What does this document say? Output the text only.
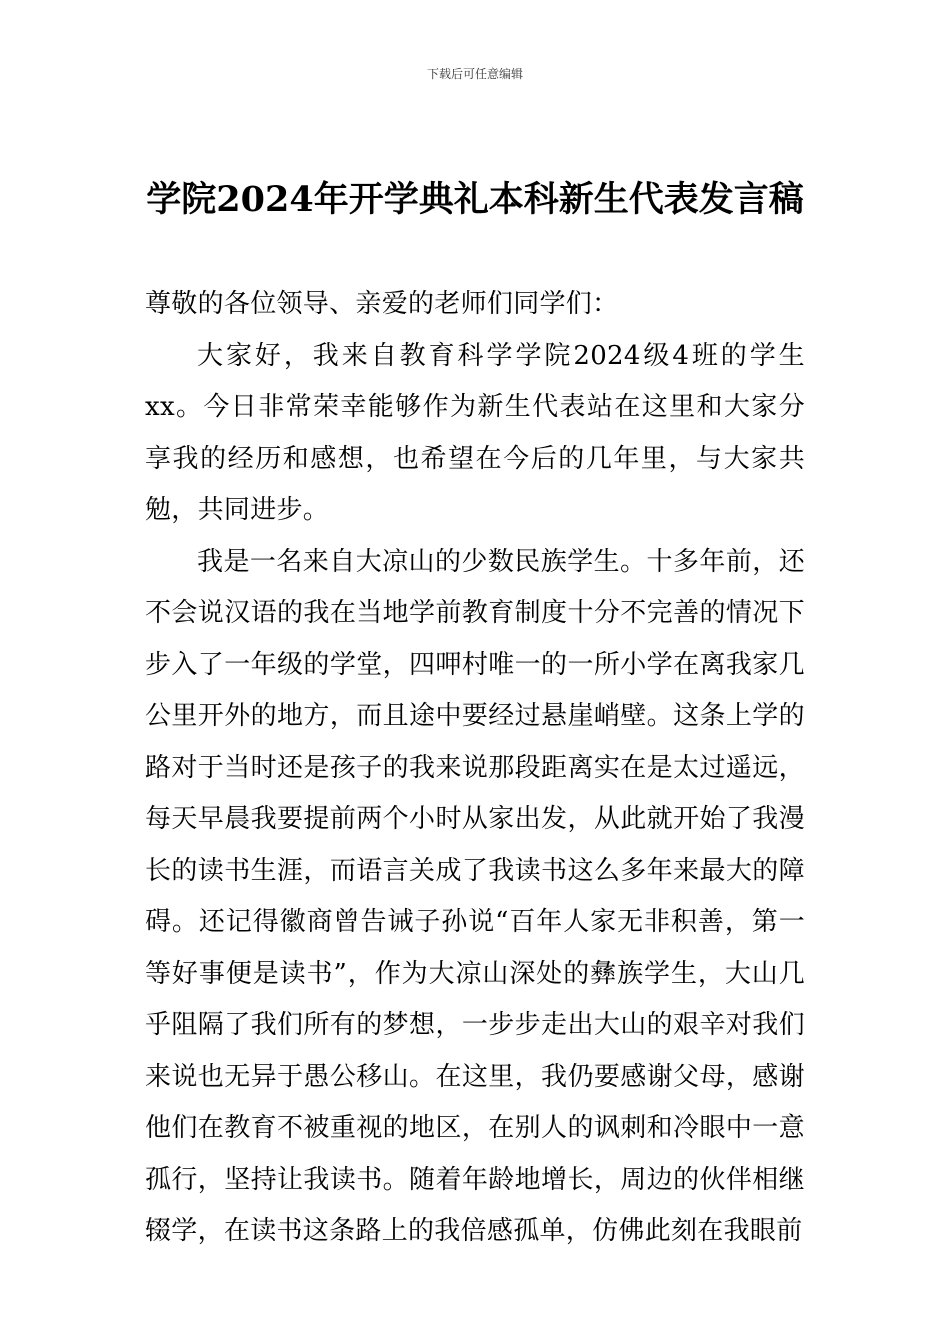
下载后可任意编辑
学院2024年开学典礼本科新生代表发言稿

尊敬的各位领导、亲爱的老师们同学们：

大家好，我来自教育科学学院2024级4班的学生xx。今日非常荣幸能够作为新生代表站在这里和大家分享我的经历和感想，也希望在今后的几年里，与大家共勉，共同进步。

我是一名来自大凉山的少数民族学生。十多年前，还不会说汉语的我在当地学前教育制度十分不完善的情况下步入了一年级的学堂，四呷村唯一的一所小学在离我家几公里开外的地方，而且途中要经过悬崖峭壁。这条上学的路对于当时还是孩子的我来说那段距离实在是太过遥远，每天早晨我要提前两个小时从家出发，从此就开始了我漫长的读书生涯，而语言关成了我读书这么多年来最大的障碍。还记得徽商曾告诫子孙说“百年人家无非积善，第一等好事便是读书”，作为大凉山深处的彝族学生，大山几乎阻隔了我们所有的梦想，一步步走出大山的艰辛对我们来说也无异于愚公移山。在这里，我仍要感谢父母，感谢他们在教育不被重视的地区，在别人的讽刺和冷眼中一意孤行，坚持让我读书。随着年龄地增长，周边的伙伴相继辍学，在读书这条路上的我倍感孤单，仿佛此刻在我眼前
